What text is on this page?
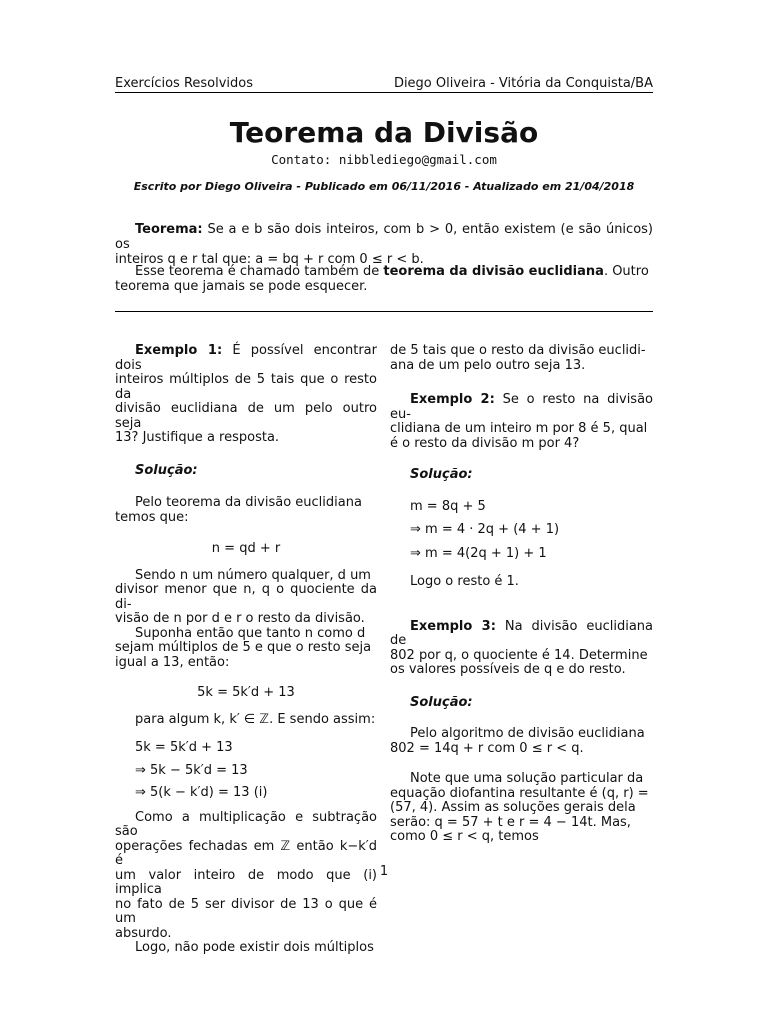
Exercícios Resolvidos	Diego Oliveira - Vitória da Conquista/BA
Teorema da Divisão
Contato: nibblediego@gmail.com
Escrito por Diego Oliveira - Publicado em 06/11/2016 - Atualizado em 21/04/2018
Teorema: Se a e b são dois inteiros, com b > 0, então existem (e são únicos) os
inteiros q e r tal que: a = bq + r com 0 ≤ r < b.
Esse teorema é chamado também de teorema da divisão euclidiana. Outro
teorema que jamais se pode esquecer.
Exemplo 1: É possível encontrar dois
inteiros múltiplos de 5 tais que o resto da
divisão euclidiana de um pelo outro seja
13? Justifique a resposta.
Solução:
Pelo teorema da divisão euclidiana
temos que:
n = qd + r
Sendo n um número qualquer, d um
divisor menor que n, q o quociente da di-
visão de n por d e r o resto da divisão.
Suponha então que tanto n como d
sejam múltiplos de 5 e que o resto seja
igual a 13, então:
5k = 5k′d + 13
para algum k, k′ ∈ ℤ. E sendo assim:
5k = 5k′d + 13
⇒ 5k − 5k′d = 13
⇒ 5(k − k′d) = 13 (i)
Como a multiplicação e subtração são
operações fechadas em ℤ então k−k′d é
um valor inteiro de modo que (i) implica
no fato de 5 ser divisor de 13 o que é um
absurdo.
Logo, não pode existir dois múltiplos
de 5 tais que o resto da divisão euclidi-
ana de um pelo outro seja 13.
Exemplo 2: Se o resto na divisão eu-
clidiana de um inteiro m por 8 é 5, qual
é o resto da divisão m por 4?
Solução:
m = 8q + 5
⇒ m = 4 · 2q + (4 + 1)
⇒ m = 4(2q + 1) + 1
Logo o resto é 1.
Exemplo 3: Na divisão euclidiana de
802 por q, o quociente é 14. Determine
os valores possíveis de q e do resto.
Solução:
Pelo algoritmo de divisão euclidiana
802 = 14q + r com 0 ≤ r < q.
Note que uma solução particular da
equação diofantina resultante é (q, r) =
(57, 4). Assim as soluções gerais dela
serão: q = 57 + t e r = 4 − 14t. Mas,
como 0 ≤ r < q, temos
1
